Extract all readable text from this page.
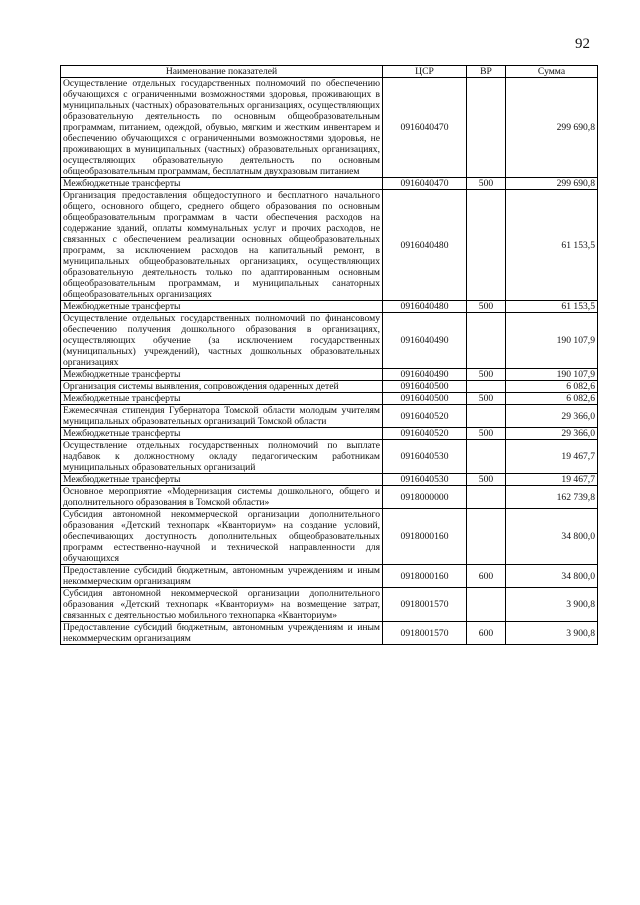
92
Наименование показателей	ЦСР	ВР	Сумма
Осуществление отдельных государственных полномочий по обеспечению обучающихся с ограниченными возможностями здоровья, проживающих в муниципальных (частных) образовательных организациях, осуществляющих образовательную деятельность по основным общеобразовательным программам, питанием, одеждой, обувью, мягким и жестким инвентарем и обеспечению обучающихся с ограниченными возможностями здоровья, не проживающих в муниципальных (частных) образовательных организациях, осуществляющих образовательную деятельность по основным общеобразовательным программам, бесплатным двухразовым питанием	0916040470		299 690,8
Межбюджетные трансферты	0916040470	500	299 690,8
Организация предоставления общедоступного и бесплатного начального общего, основного общего, среднего общего образования по основным общеобразовательным программам в части обеспечения расходов на содержание зданий, оплаты коммунальных услуг и прочих расходов, не связанных с обеспечением реализации основных общеобразовательных программ, за исключением расходов на капитальный ремонт, в муниципальных общеобразовательных организациях, осуществляющих образовательную деятельность только по адаптированным основным общеобразовательным программам, и муниципальных санаторных общеобразовательных организациях	0916040480		61 153,5
Межбюджетные трансферты	0916040480	500	61 153,5
Осуществление отдельных государственных полномочий по финансовому обеспечению получения дошкольного образования в организациях, осуществляющих обучение (за исключением государственных (муниципальных) учреждений), частных дошкольных образовательных организациях	0916040490		190 107,9
Межбюджетные трансферты	0916040490	500	190 107,9
Организация системы выявления, сопровождения одаренных детей	0916040500		6 082,6
Межбюджетные трансферты	0916040500	500	6 082,6
Ежемесячная стипендия Губернатора Томской области молодым учителям муниципальных образовательных организаций Томской области	0916040520		29 366,0
Межбюджетные трансферты	0916040520	500	29 366,0
Осуществление отдельных государственных полномочий по выплате надбавок к должностному окладу педагогическим работникам муниципальных образовательных организаций	0916040530		19 467,7
Межбюджетные трансферты	0916040530	500	19 467,7
Основное мероприятие «Модернизация системы дошкольного, общего и дополнительного образования в Томской области»	0918000000		162 739,8
Субсидия автономной некоммерческой организации дополнительного образования «Детский технопарк «Кванториум» на создание условий, обеспечивающих доступность дополнительных общеобразовательных программ естественно-научной и технической направленности для обучающихся	0918000160		34 800,0
Предоставление субсидий бюджетным, автономным учреждениям и иным некоммерческим организациям	0918000160	600	34 800,0
Субсидия автономной некоммерческой организации дополнительного образования «Детский технопарк «Кванториум» на возмещение затрат, связанных с деятельностью мобильного технопарка «Кванториум»	0918001570		3 900,8
Предоставление субсидий бюджетным, автономным учреждениям и иным некоммерческим организациям	0918001570	600	3 900,8
